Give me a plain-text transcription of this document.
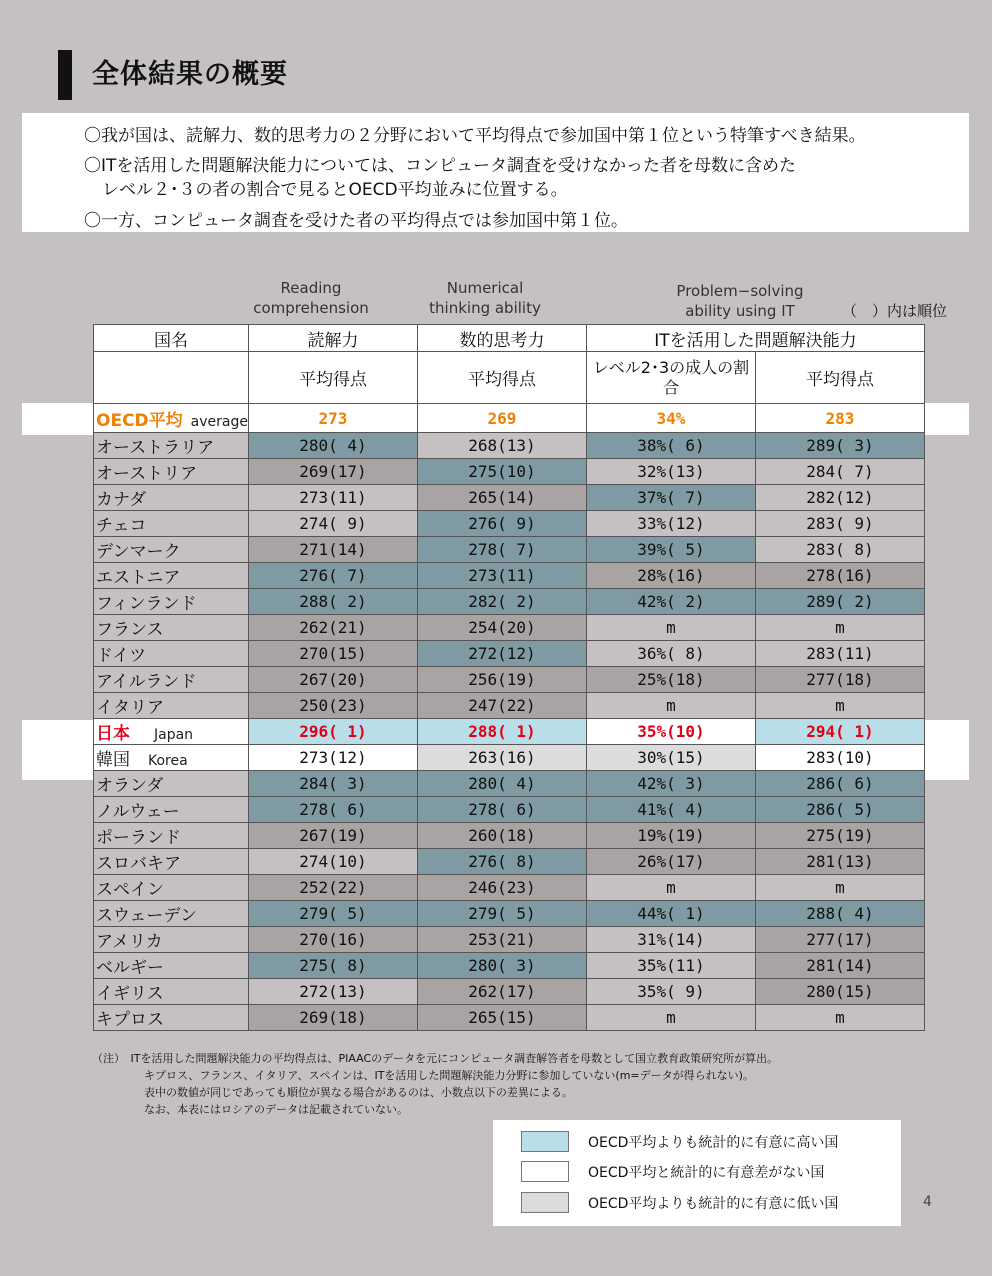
全体結果の概要
〇我が国は、読解力、数的思考力の２分野において平均得点で参加国中第１位という特筆すべき結果。
〇ITを活用した問題解決能力については、コンピュータ調査を受けなかった者を母数に含めた
レベル２･３の者の割合で見るとOECD平均並みに位置する。
〇一方、コンピュータ調査を受けた者の平均得点では参加国中第１位。
Reading
comprehension
Numerical
thinking ability
Problem−solving
ability using IT	（　）内は順位
国名	読解力	数的思考力	ITを活用した問題解決能力	
	平均得点	平均得点	レベル2･3の成人の割合	平均得点
OECD平均 average	273	269	34%	283
オーストラリア	280( 4)	268(13)	38%( 6)	289( 3)
オーストリア	269(17)	275(10)	32%(13)	284( 7)
カナダ	273(11)	265(14)	37%( 7)	282(12)
チェコ	274( 9)	276( 9)	33%(12)	283( 9)
デンマーク	271(14)	278( 7)	39%( 5)	283( 8)
エストニア	276( 7)	273(11)	28%(16)	278(16)
フィンランド	288( 2)	282( 2)	42%( 2)	289( 2)
フランス	262(21)	254(20)	m	m
ドイツ	270(15)	272(12)	36%( 8)	283(11)
アイルランド	267(20)	256(19)	25%(18)	277(18)
イタリア	250(23)	247(22)	m	m
日本 Japan	296( 1)	288( 1)	35%(10)	294( 1)
韓国 Korea	273(12)	263(16)	30%(15)	283(10)
オランダ	284( 3)	280( 4)	42%( 3)	286( 6)
ノルウェー	278( 6)	278( 6)	41%( 4)	286( 5)
ポーランド	267(19)	260(18)	19%(19)	275(19)
スロバキア	274(10)	276( 8)	26%(17)	281(13)
スペイン	252(22)	246(23)	m	m
スウェーデン	279( 5)	279( 5)	44%( 1)	288( 4)
アメリカ	270(16)	253(21)	31%(14)	277(17)
ベルギー	275( 8)	280( 3)	35%(11)	281(14)
イギリス	272(13)	262(17)	35%( 9)	280(15)
キプロス	269(18)	265(15)	m	m
（注）　ITを活用した問題解決能力の平均得点は、PIAACのデータを元にコンピュータ調査解答者を母数として国立教育政策研究所が算出。
キプロス、フランス、イタリア、スペインは、ITを活用した問題解決能力分野に参加していない(m=データが得られない)。
表中の数値が同じであっても順位が異なる場合があるのは、小数点以下の差異による。
なお、本表にはロシアのデータは記載されていない。
OECD平均よりも統計的に有意に高い国
OECD平均と統計的に有意差がない国
OECD平均よりも統計的に有意に低い国	4
